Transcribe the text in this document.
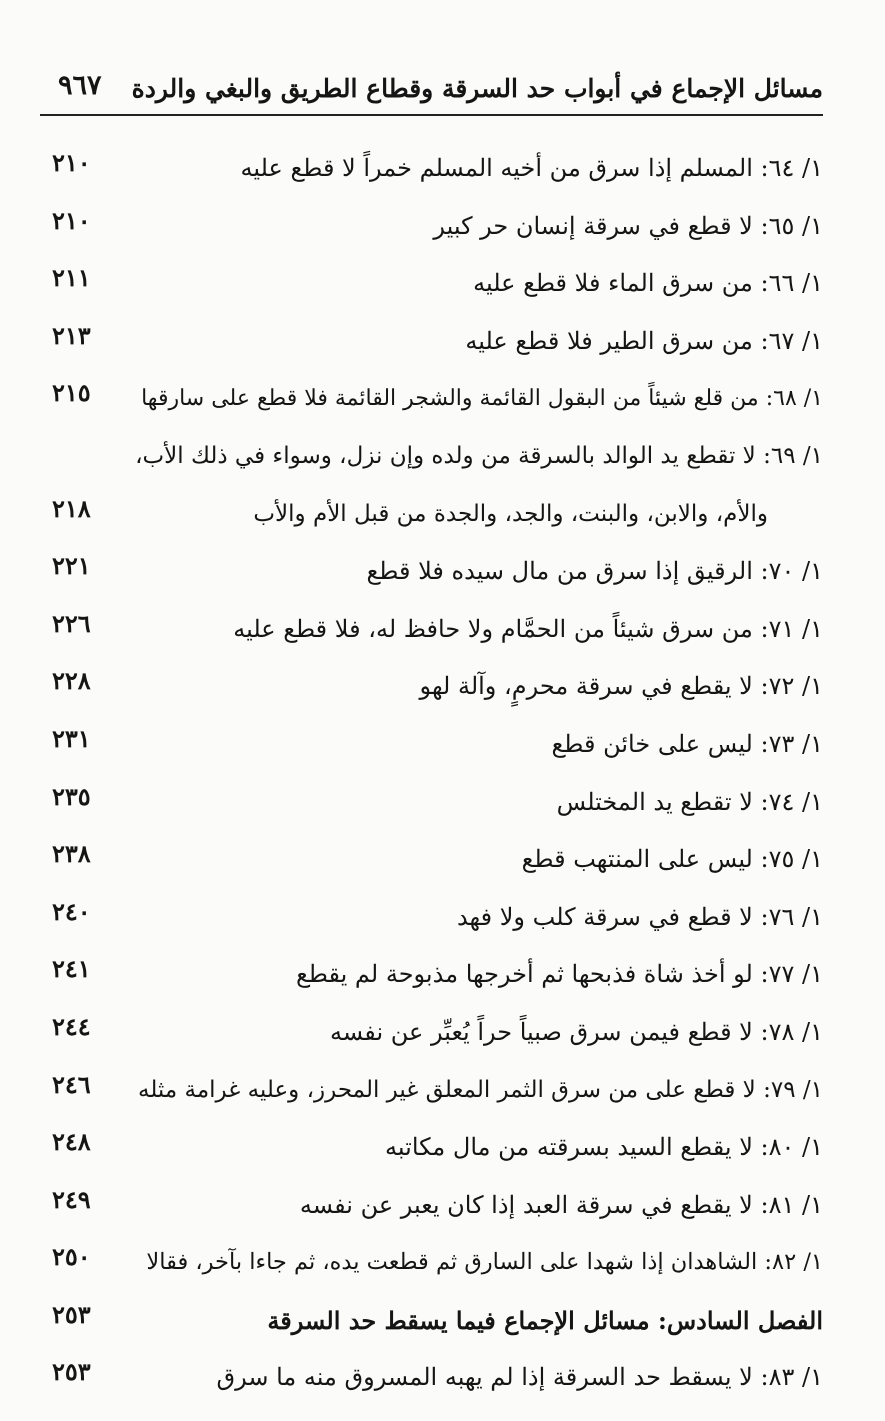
مسائل الإجماع في أبواب حد السرقة وقطاع الطريق والبغي والردة
٩٦٧
١/ ٦٤: المسلم إذا سرق من أخيه المسلم خمراً لا قطع عليه
٢١٠
١/ ٦٥: لا قطع في سرقة إنسان حر كبير
٢١٠
١/ ٦٦: من سرق الماء فلا قطع عليه
٢١١
١/ ٦٧: من سرق الطير فلا قطع عليه
٢١٣
١/ ٦٨: من قلع شيئاً من البقول القائمة والشجر القائمة فلا قطع على سارقها
٢١٥
١/ ٦٩: لا تقطع يد الوالد بالسرقة من ولده وإن نزل، وسواء في ذلك الأب،
والأم، والابن، والبنت، والجد، والجدة من قبل الأم والأب
٢١٨
١/ ٧٠: الرقيق إذا سرق من مال سيده فلا قطع
٢٢١
١/ ٧١: من سرق شيئاً من الحمَّام ولا حافظ له، فلا قطع عليه
٢٢٦
١/ ٧٢: لا يقطع في سرقة محرمٍ، وآلة لهو
٢٢٨
١/ ٧٣: ليس على خائن قطع
٢٣١
١/ ٧٤: لا تقطع يد المختلس
٢٣٥
١/ ٧٥: ليس على المنتهب قطع
٢٣٨
١/ ٧٦: لا قطع في سرقة كلب ولا فهد
٢٤٠
١/ ٧٧: لو أخذ شاة فذبحها ثم أخرجها مذبوحة لم يقطع
٢٤١
١/ ٧٨: لا قطع فيمن سرق صبياً حراً يُعبِّر عن نفسه
٢٤٤
١/ ٧٩: لا قطع على من سرق الثمر المعلق غير المحرز، وعليه غرامة مثله
٢٤٦
١/ ٨٠: لا يقطع السيد بسرقته من مال مكاتبه
٢٤٨
١/ ٨١: لا يقطع في سرقة العبد إذا كان يعبر عن نفسه
٢٤٩
١/ ٨٢: الشاهدان إذا شهدا على السارق ثم قطعت يده، ثم جاءا بآخر، فقالا
٢٥٠
الفصل السادس: مسائل الإجماع فيما يسقط حد السرقة
٢٥٣
١/ ٨٣: لا يسقط حد السرقة إذا لم يهبه المسروق منه ما سرق
٢٥٣
